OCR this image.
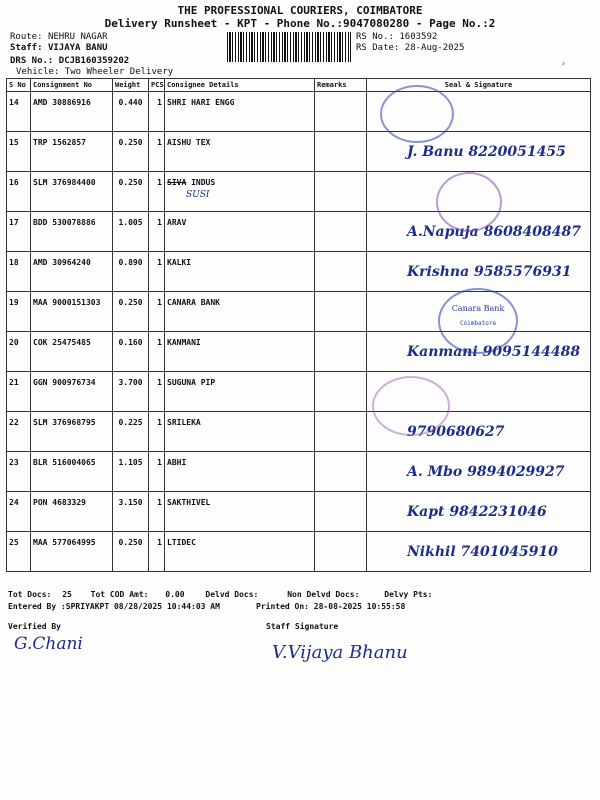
THE PROFESSIONAL COURIERS, COIMBATORE
Delivery Runsheet - KPT - Phone No.:9047080280 - Page No.:2
Route: NEHRU NAGAR
Staff: VIJAYA BANU
DRS No.: DCJB160359202
Vehicle: Two Wheeler Delivery
RS No.: 1603592
RS Date: 28-Aug-2025
S No	Consignment No	Weight	PCS	Consignee Details	Remarks	Seal & Signature
14	AMD 30886916	0.440	1	SHRI HARI ENGG		
15	TRP 1562857	0.250	1	AISHU TEX		J. Banu 8220051455
16	SLM 376984400	0.250	1	SIVA INDUS		
17	BDD 530078886	1.005	1	ARAV		A.Napuja 8608408487
18	AMD 30964240	0.890	1	KALKI		Krishna 9585576931
19	MAA 9000151303	0.250	1	CANARA BANK		
20	COK 25475485	0.160	1	KANMANI		Kanmani 9095144488
21	GGN 900976734	3.700	1	SUGUNA PIP		
22	SLM 376968795	0.225	1	SRILEKA		9790680627
23	BLR 516004065	1.105	1	ABHI		A. Mbo 9894029927
24	PON 4683329	3.150	1	SAKTHIVEL		Kapt 9842231046
25	MAA 577064995	0.250	1	LTIDEC		Nikhil 7401045910
Canara Bank
Coimbatore
SUSI
Tot Docs: 25 Tot COD Amt: 0.00	Delvd Docs:	Non Delvd Docs:	Delvy Pts:
Entered By :SPRIYAKPT 08/28/2025 10:44:03 AM	Printed On: 28-08-2025 10:55:58
Verified By	Staff Signature
G.Chani	V.Vijaya Bhanu
⸗
